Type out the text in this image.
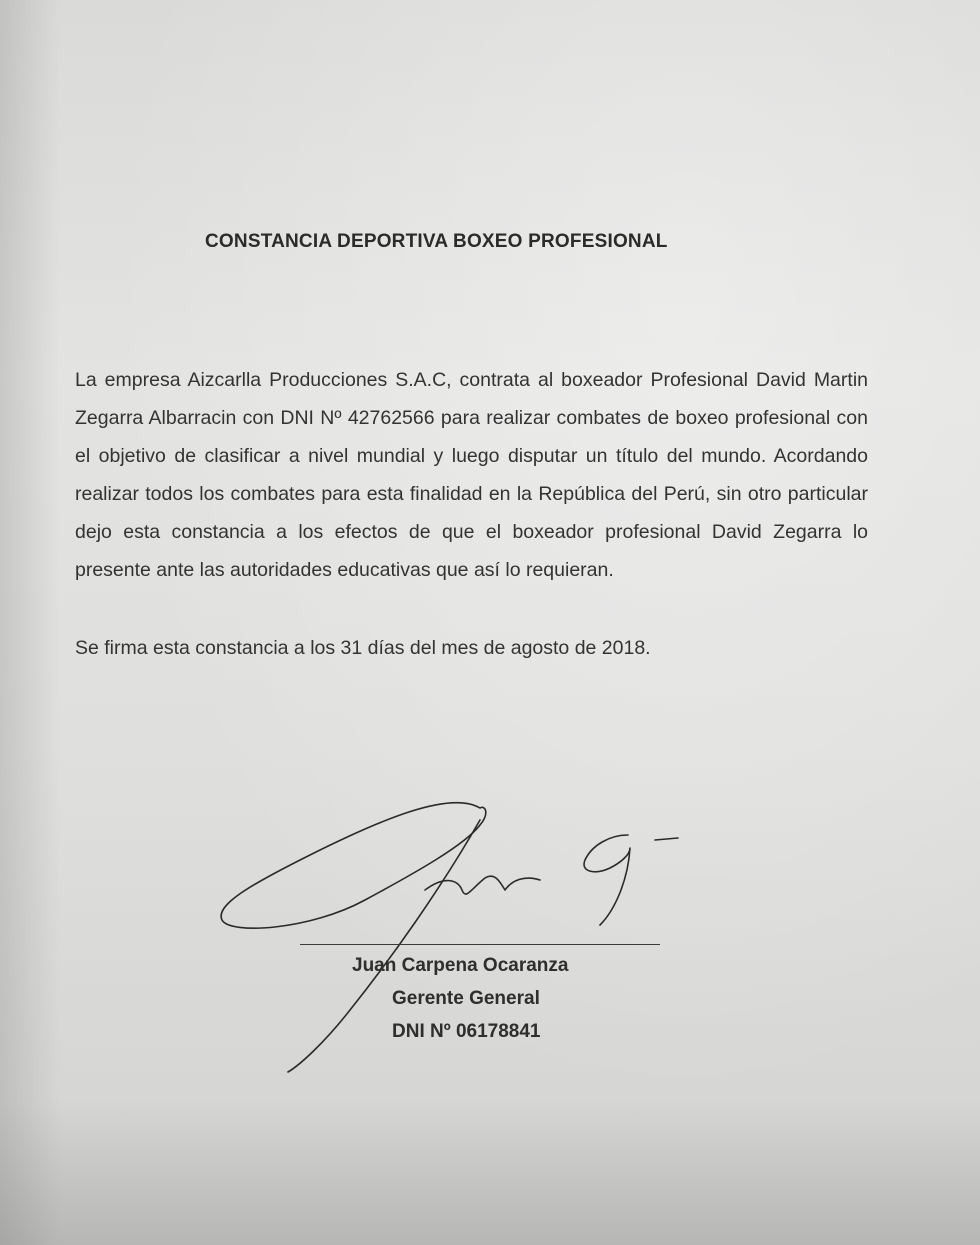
CONSTANCIA DEPORTIVA BOXEO PROFESIONAL

La empresa Aizcarlla Producciones S.A.C, contrata al boxeador Profesional David Martin Zegarra Albarracin con DNI Nº 42762566 para realizar combates de boxeo profesional con el objetivo de clasificar a nivel mundial y luego disputar un título del mundo. Acordando realizar todos los combates para esta finalidad en la República del Perú, sin otro particular dejo esta constancia a los efectos de que el boxeador profesional David Zegarra lo presente ante las autoridades educativas que así lo requieran.

Se firma esta constancia a los 31 días del mes de agosto de 2018.

Juan Carpena Ocaranza
Gerente General
DNI Nº 06178841
